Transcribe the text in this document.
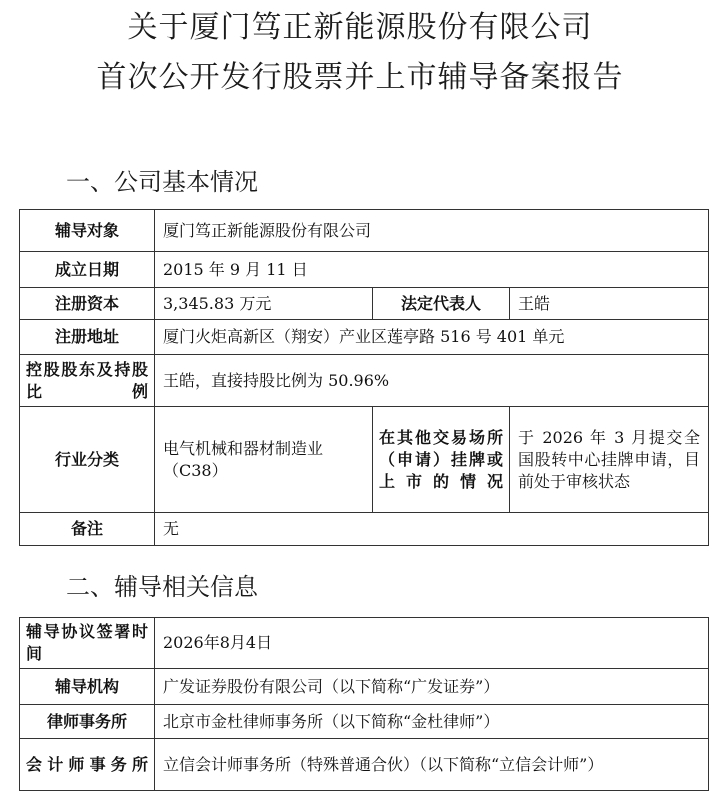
关于厦门笃正新能源股份有限公司
首次公开发行股票并上市辅导备案报告
一、公司基本情况
辅导对象	厦门笃正新能源股份有限公司		
成立日期	2015 年 9 月 11 日		
注册资本	3,345.83 万元	法定代表人	王皓
注册地址	厦门火炬高新区（翔安）产业区莲亭路 516 号 401 单元		
控股股东及持股比例	王皓，直接持股比例为 50.96%		
行业分类	电气机械和器材制造业（C38）	在其他交易场所（申请）挂牌或上市的情况	于 2026 年 3 月提交全国股转中心挂牌申请，目前处于审核状态
备注	无		
二、辅导相关信息
辅导协议签署时间	2026年8月4日
辅导机构	广发证券股份有限公司（以下简称“广发证券”）
律师事务所	北京市金杜律师事务所（以下简称“金杜律师”）
会计师事务所	立信会计师事务所（特殊普通合伙）（以下简称“立信会计师”）
